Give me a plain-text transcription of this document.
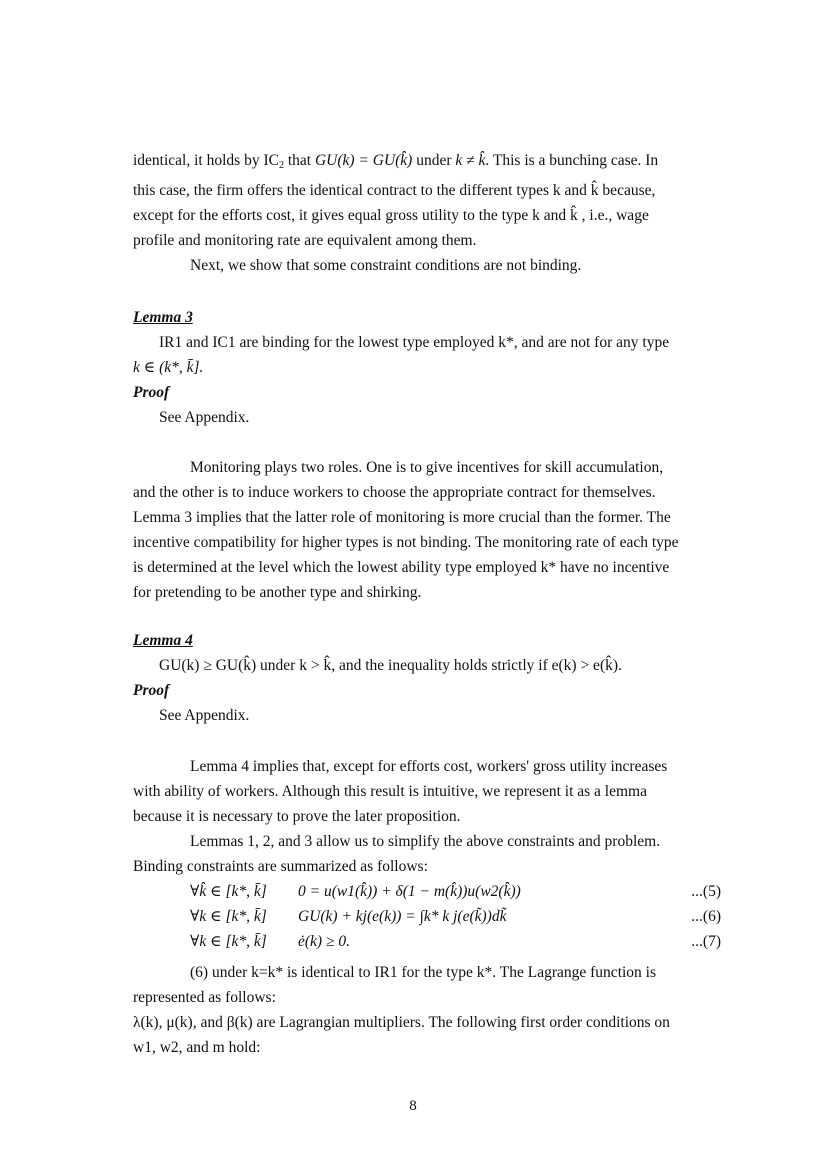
identical, it holds by $IC_2$ that GU(k) = GU(k̂) under k ≠ k̂. This is a bunching case. In

this case, the firm offers the identical contract to the different types k and k̂ because,

except for the efforts cost, it gives equal gross utility to the type k and k̂ , i.e., wage

profile and monitoring rate are equivalent among them.

Next, we show that some constraint conditions are not binding.

Lemma 3

IR1 and IC1 are binding for the lowest type employed k*, and are not for any type

k ∈ (k*, k̄].

Proof

See Appendix.

Monitoring plays two roles. One is to give incentives for skill accumulation,

and the other is to induce workers to choose the appropriate contract for themselves.

Lemma 3 implies that the latter role of monitoring is more crucial than the former. The

incentive compatibility for higher types is not binding. The monitoring rate of each type

is determined at the level which the lowest ability type employed k* have no incentive

for pretending to be another type and shirking.

Lemma 4

GU(k) ≥ GU(k̂) under k > k̂, and the inequality holds strictly if e(k) > e(k̂).

Proof

See Appendix.

Lemma 4 implies that, except for efforts cost, workers' gross utility increases

with ability of workers. Although this result is intuitive, we represent it as a lemma

because it is necessary to prove the later proposition.

Lemmas 1, 2, and 3 allow us to simplify the above constraints and problem.

Binding constraints are summarized as follows:

∀k̂ ∈ [k*, k̄] 0 = u(w1(k̂)) + δ(1 − m(k̂))u(w2(k̂))	...(5)
∀k ∈ [k*, k̄] GU(k) + kj(e(k)) = ∫k* k j(e(k̃))dk̃	...(6)
∀k ∈ [k*, k̄] ė(k) ≥ 0.	...(7)

(6) under k=k* is identical to IR1 for the type k*. The Lagrange function is

represented as follows:

λ(k), μ(k), and β(k) are Lagrangian multipliers. The following first order conditions on

w1, w2, and m hold:

8
